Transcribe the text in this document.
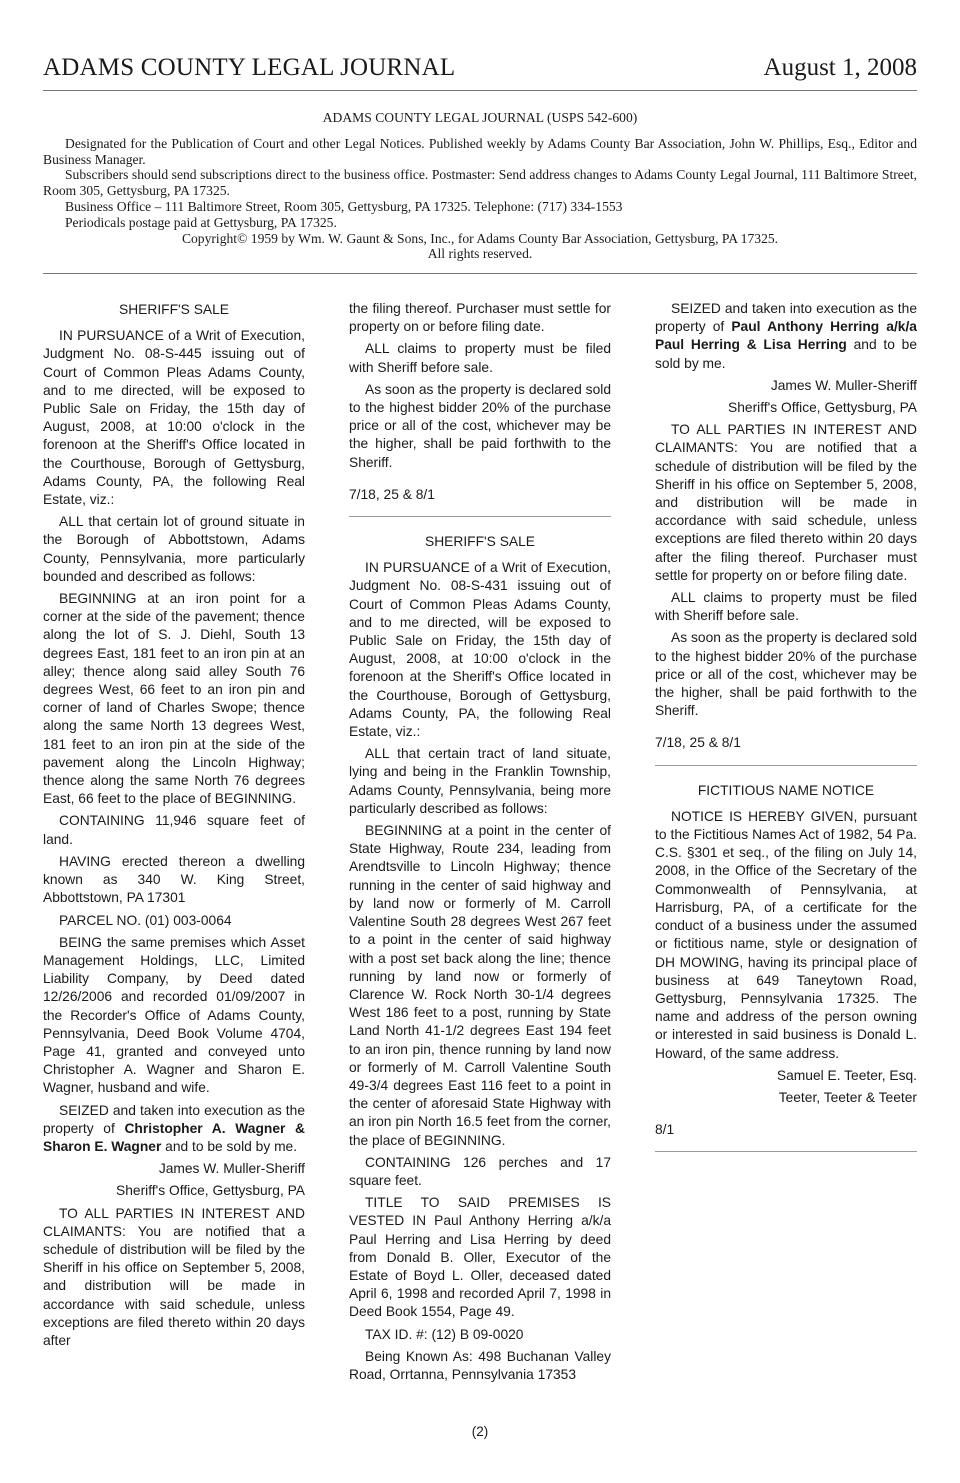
ADAMS COUNTY LEGAL JOURNAL	August 1, 2008

ADAMS COUNTY LEGAL JOURNAL (USPS 542-600)

Designated for the Publication of Court and other Legal Notices. Published weekly by Adams County Bar Association, John W. Phillips, Esq., Editor and Business Manager.

Subscribers should send subscriptions direct to the business office. Postmaster: Send address changes to Adams County Legal Journal, 111 Baltimore Street, Room 305, Gettysburg, PA 17325.

Business Office – 111 Baltimore Street, Room 305, Gettysburg, PA 17325. Telephone: (717) 334-1553

Periodicals postage paid at Gettysburg, PA 17325.

Copyright© 1959 by Wm. W. Gaunt & Sons, Inc., for Adams County Bar Association, Gettysburg, PA 17325.

All rights reserved.

SHERIFF'S SALE

IN PURSUANCE of a Writ of Execution, Judgment No. 08-S-445 issuing out of Court of Common Pleas Adams County, and to me directed, will be exposed to Public Sale on Friday, the 15th day of August, 2008, at 10:00 o'clock in the forenoon at the Sheriff's Office located in the Courthouse, Borough of Gettysburg, Adams County, PA, the following Real Estate, viz.:

ALL that certain lot of ground situate in the Borough of Abbottstown, Adams County, Pennsylvania, more particularly bounded and described as follows:

BEGINNING at an iron point for a corner at the side of the pavement; thence along the lot of S. J. Diehl, South 13 degrees East, 181 feet to an iron pin at an alley; thence along said alley South 76 degrees West, 66 feet to an iron pin and corner of land of Charles Swope; thence along the same North 13 degrees West, 181 feet to an iron pin at the side of the pavement along the Lincoln Highway; thence along the same North 76 degrees East, 66 feet to the place of BEGINNING.

CONTAINING 11,946 square feet of land.

HAVING erected thereon a dwelling known as 340 W. King Street, Abbottstown, PA 17301

PARCEL NO. (01) 003-0064

BEING the same premises which Asset Management Holdings, LLC, Limited Liability Company, by Deed dated 12/26/2006 and recorded 01/09/2007 in the Recorder's Office of Adams County, Pennsylvania, Deed Book Volume 4704, Page 41, granted and conveyed unto Christopher A. Wagner and Sharon E. Wagner, husband and wife.

SEIZED and taken into execution as the property of Christopher A. Wagner & Sharon E. Wagner and to be sold by me.

James W. Muller-Sheriff

Sheriff's Office, Gettysburg, PA

TO ALL PARTIES IN INTEREST AND CLAIMANTS: You are notified that a schedule of distribution will be filed by the Sheriff in his office on September 5, 2008, and distribution will be made in accordance with said schedule, unless exceptions are filed thereto within 20 days after

the filing thereof. Purchaser must settle for property on or before filing date.

ALL claims to property must be filed with Sheriff before sale.

As soon as the property is declared sold to the highest bidder 20% of the purchase price or all of the cost, whichever may be the higher, shall be paid forthwith to the Sheriff.

7/18, 25 & 8/1

SHERIFF'S SALE

IN PURSUANCE of a Writ of Execution, Judgment No. 08-S-431 issuing out of Court of Common Pleas Adams County, and to me directed, will be exposed to Public Sale on Friday, the 15th day of August, 2008, at 10:00 o'clock in the forenoon at the Sheriff's Office located in the Courthouse, Borough of Gettysburg, Adams County, PA, the following Real Estate, viz.:

ALL that certain tract of land situate, lying and being in the Franklin Township, Adams County, Pennsylvania, being more particularly described as follows:

BEGINNING at a point in the center of State Highway, Route 234, leading from Arendtsville to Lincoln Highway; thence running in the center of said highway and by land now or formerly of M. Carroll Valentine South 28 degrees West 267 feet to a point in the center of said highway with a post set back along the line; thence running by land now or formerly of Clarence W. Rock North 30-1/4 degrees West 186 feet to a post, running by State Land North 41-1/2 degrees East 194 feet to an iron pin, thence running by land now or formerly of M. Carroll Valentine South 49-3/4 degrees East 116 feet to a point in the center of aforesaid State Highway with an iron pin North 16.5 feet from the corner, the place of BEGINNING.

CONTAINING 126 perches and 17 square feet.

TITLE TO SAID PREMISES IS VESTED IN Paul Anthony Herring a/k/a Paul Herring and Lisa Herring by deed from Donald B. Oller, Executor of the Estate of Boyd L. Oller, deceased dated April 6, 1998 and recorded April 7, 1998 in Deed Book 1554, Page 49.

TAX ID. #: (12) B 09-0020

Being Known As: 498 Buchanan Valley Road, Orrtanna, Pennsylvania 17353

SEIZED and taken into execution as the property of Paul Anthony Herring a/k/a Paul Herring & Lisa Herring and to be sold by me.

James W. Muller-Sheriff

Sheriff's Office, Gettysburg, PA

TO ALL PARTIES IN INTEREST AND CLAIMANTS: You are notified that a schedule of distribution will be filed by the Sheriff in his office on September 5, 2008, and distribution will be made in accordance with said schedule, unless exceptions are filed thereto within 20 days after the filing thereof. Purchaser must settle for property on or before filing date.

ALL claims to property must be filed with Sheriff before sale.

As soon as the property is declared sold to the highest bidder 20% of the purchase price or all of the cost, whichever may be the higher, shall be paid forthwith to the Sheriff.

7/18, 25 & 8/1

FICTITIOUS NAME NOTICE

NOTICE IS HEREBY GIVEN, pursuant to the Fictitious Names Act of 1982, 54 Pa. C.S. §301 et seq., of the filing on July 14, 2008, in the Office of the Secretary of the Commonwealth of Pennsylvania, at Harrisburg, PA, of a certificate for the conduct of a business under the assumed or fictitious name, style or designation of DH MOWING, having its principal place of business at 649 Taneytown Road, Gettysburg, Pennsylvania 17325. The name and address of the person owning or interested in said business is Donald L. Howard, of the same address.

Samuel E. Teeter, Esq.

Teeter, Teeter & Teeter

8/1

(2)
